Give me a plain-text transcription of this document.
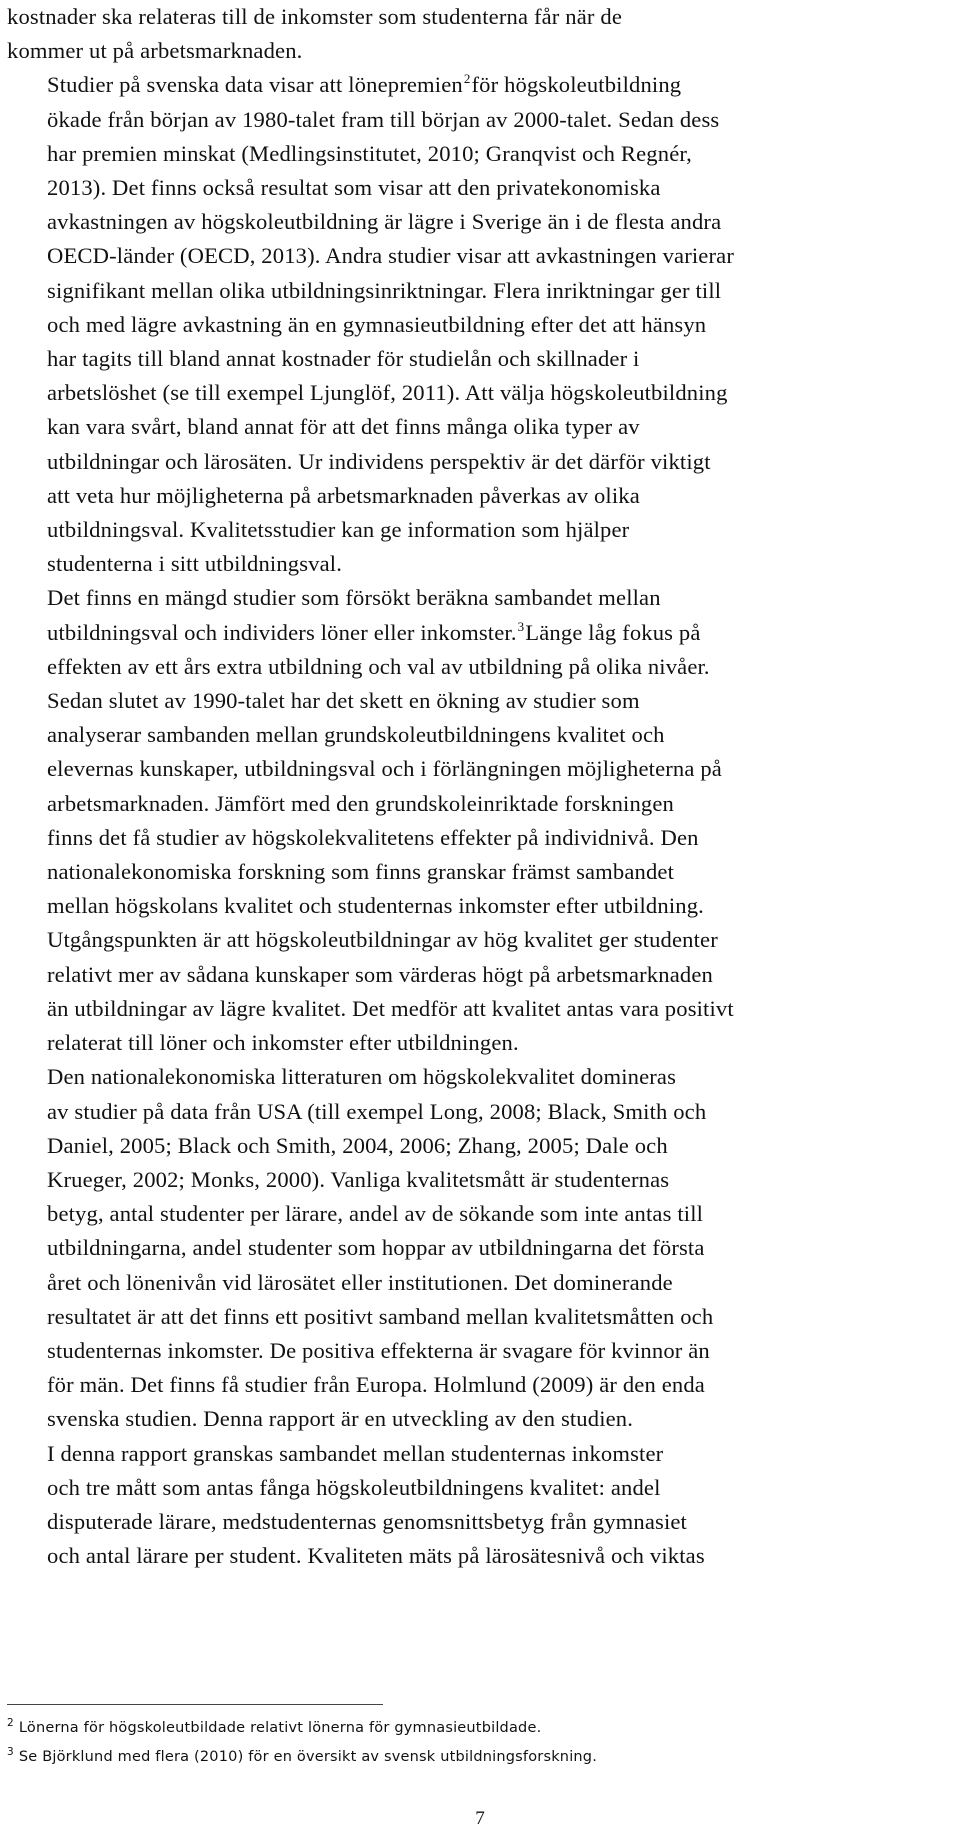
kostnader ska relateras till de inkomster som studenterna får när de
kommer ut på arbetsmarknaden.

Studier på svenska data visar att lönepremien$^2$för högskoleutbildning
ökade från början av 1980-talet fram till början av 2000-talet. Sedan dess
har premien minskat (Medlingsinstitutet, 2010; Granqvist och Regnér,
2013). Det finns också resultat som visar att den privatekonomiska
avkastningen av högskoleutbildning är lägre i Sverige än i de flesta andra
OECD-länder (OECD, 2013). Andra studier visar att avkastningen varierar
signifikant mellan olika utbildningsinriktningar. Flera inriktningar ger till
och med lägre avkastning än en gymnasieutbildning efter det att hänsyn
har tagits till bland annat kostnader för studielån och skillnader i
arbetslöshet (se till exempel Ljunglöf, 2011). Att välja högskoleutbildning
kan vara svårt, bland annat för att det finns många olika typer av
utbildningar och lärosäten. Ur individens perspektiv är det därför viktigt
att veta hur möjligheterna på arbetsmarknaden påverkas av olika
utbildningsval. Kvalitetsstudier kan ge information som hjälper
studenterna i sitt utbildningsval.

Det finns en mängd studier som försökt beräkna sambandet mellan
utbildningsval och individers löner eller inkomster.$^3$Länge låg fokus på
effekten av ett års extra utbildning och val av utbildning på olika nivåer.
Sedan slutet av 1990-talet har det skett en ökning av studier som
analyserar sambanden mellan grundskoleutbildningens kvalitet och
elevernas kunskaper, utbildningsval och i förlängningen möjligheterna på
arbetsmarknaden. Jämfört med den grundskoleinriktade forskningen
finns det få studier av högskolekvalitetens effekter på individnivå. Den
nationalekonomiska forskning som finns granskar främst sambandet
mellan högskolans kvalitet och studenternas inkomster efter utbildning.
Utgångspunkten är att högskoleutbildningar av hög kvalitet ger studenter
relativt mer av sådana kunskaper som värderas högt på arbetsmarknaden
än utbildningar av lägre kvalitet. Det medför att kvalitet antas vara positivt
relaterat till löner och inkomster efter utbildningen.

Den nationalekonomiska litteraturen om högskolekvalitet domineras
av studier på data från USA (till exempel Long, 2008; Black, Smith och
Daniel, 2005; Black och Smith, 2004, 2006; Zhang, 2005; Dale och
Krueger, 2002; Monks, 2000). Vanliga kvalitetsmått är studenternas
betyg, antal studenter per lärare, andel av de sökande som inte antas till
utbildningarna, andel studenter som hoppar av utbildningarna det första
året och lönenivån vid lärosätet eller institutionen. Det dominerande
resultatet är att det finns ett positivt samband mellan kvalitetsmåtten och
studenternas inkomster. De positiva effekterna är svagare för kvinnor än
för män. Det finns få studier från Europa. Holmlund (2009) är den enda
svenska studien. Denna rapport är en utveckling av den studien.

I denna rapport granskas sambandet mellan studenternas inkomster
och tre mått som antas fånga högskoleutbildningens kvalitet: andel
disputerade lärare, medstudenternas genomsnittsbetyg från gymnasiet
och antal lärare per student. Kvaliteten mäts på lärosätesnivå och viktas

$^2$ Lönerna för högskoleutbildade relativt lönerna för gymnasieutbildade.
$^3$ Se Björklund med flera (2010) för en översikt av svensk utbildningsforskning.
7
